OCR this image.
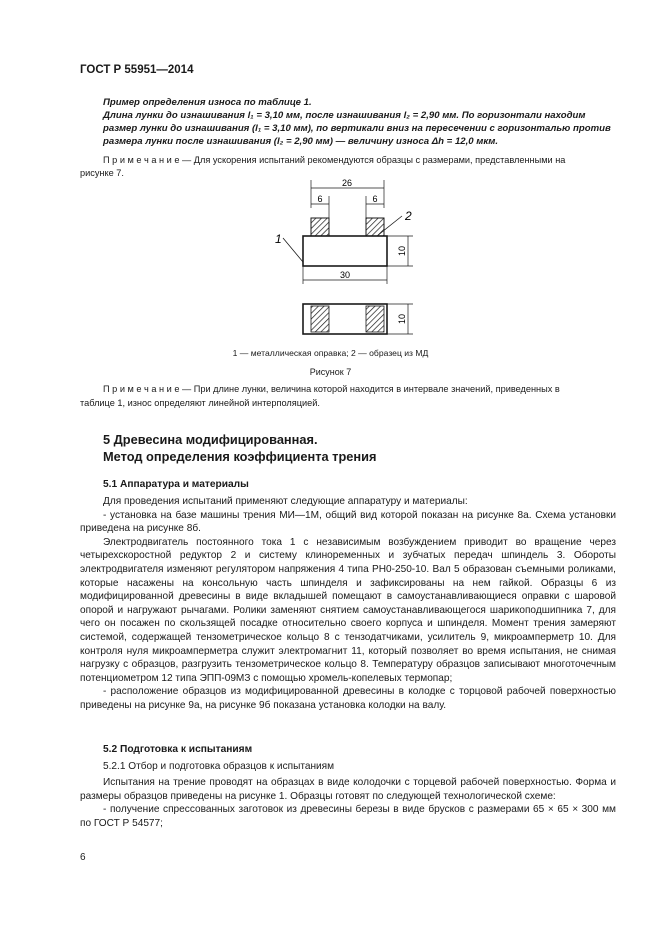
ГОСТ Р 55951—2014
Пример определения износа по таблице 1.
Длина лунки до изнашивания l₁ = 3,10 мм, после изнашивания l₂ = 2,90 мм. По горизонтали находим
размер лунки до изнашивания (l₁ = 3,10 мм), по вертикали вниз на пересечении с горизонталью против
размера лунки после изнашивания (l₂ = 2,90 мм) — величину износа Δh = 12,0 мкм.
П р и м е ч а н и е — Для ускорения испытаний рекомендуются образцы с размерами, представленными на
рисунке 7.
26
6	6
10
30
1
2
10
1 — металлическая оправка; 2 — образец из МД
Рисунок 7
П р и м е ч а н и е — При длине лунки, величина которой находится в интервале значений, приведенных в
таблице 1, износ определяют линейной интерполяцией.
5 Древесина модифицированная.
Метод определения коэффициента трения
5.1 Аппаратура и материалы

Для проведения испытаний применяют следующие аппаратуру и материалы:

- установка на базе машины трения МИ—1М, общий вид которой показан на рисунке 8а. Схема установки приведена на рисунке 8б.

Электродвигатель постоянного тока 1 с независимым возбуждением приводит во вращение через четырехскоростной редуктор 2 и систему клиноременных и зубчатых передач шпиндель 3. Обороты электродвигателя изменяют регулятором напряжения 4 типа РН0-250-10. Вал 5 образован съемными роликами, которые насажены на консольную часть шпинделя и зафиксированы на нем гайкой. Образцы 6 из модифицированной древесины в виде вкладышей помещают в самоустанавливающиеся оправки с шаровой опорой и нагружают рычагами. Ролики заменяют снятием самоустанавливающегося шарикоподшипника 7, для чего он посажен по скользящей посадке относительно своего корпуса и шпинделя. Момент трения замеряют системой, содержащей тензометрическое кольцо 8 с тензодатчиками, усилитель 9, микроамперметр 10. Для контроля нуля микроамперметра служит электромагнит 11, который позволяет во время испытания, не снимая нагрузку с образцов, разгрузить тензометрическое кольцо 8. Температуру образцов записывают многоточечным потенциометром 12 типа ЭПП-09МЗ с помощью хромель-копелевых термопар;

- расположение образцов из модифицированной древесины в колодке с торцовой рабочей поверхностью приведены на рисунке 9а, на рисунке 9б показана установка колодки на валу.

5.2 Подготовка к испытаниям
5.2.1 Отбор и подготовка образцов к испытаниям

Испытания на трение проводят на образцах в виде колодочки с торцевой рабочей поверхностью. Форма и размеры образцов приведены на рисунке 1. Образцы готовят по следующей технологической схеме:

- получение спрессованных заготовок из древесины березы в виде брусков с размерами 65 × 65 × 300 мм по ГОСТ Р 54577;

6
